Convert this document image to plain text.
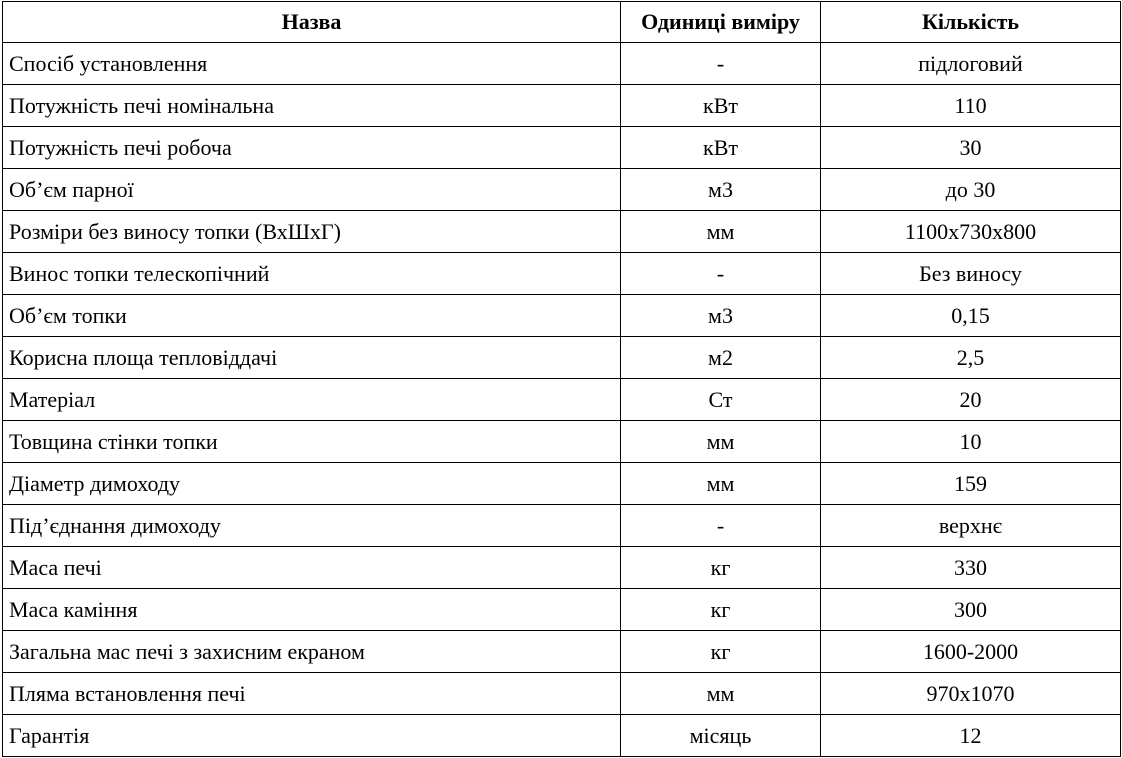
Назва	Одиниці виміру	Кількість
Спосіб установлення	-	підлоговий
Потужність печі номінальна	кВт	110
Потужність печі робоча	кВт	30
Об’єм парної	м3	до 30
Розміри без виносу топки (ВхШхГ)	мм	1100х730х800
Винос топки телескопічний	-	Без виносу
Об’єм топки	м3	0,15
Корисна площа тепловіддачі	м2	2,5
Матеріал	Ст	20
Товщина стінки топки	мм	10
Діаметр димоходу	мм	159
Під’єднання димоходу	-	верхнє
Маса печі	кг	330
Маса каміння	кг	300
Загальна мас печі з захисним екраном	кг	1600-2000
Пляма встановлення печі	мм	970х1070
Гарантія	місяць	12
